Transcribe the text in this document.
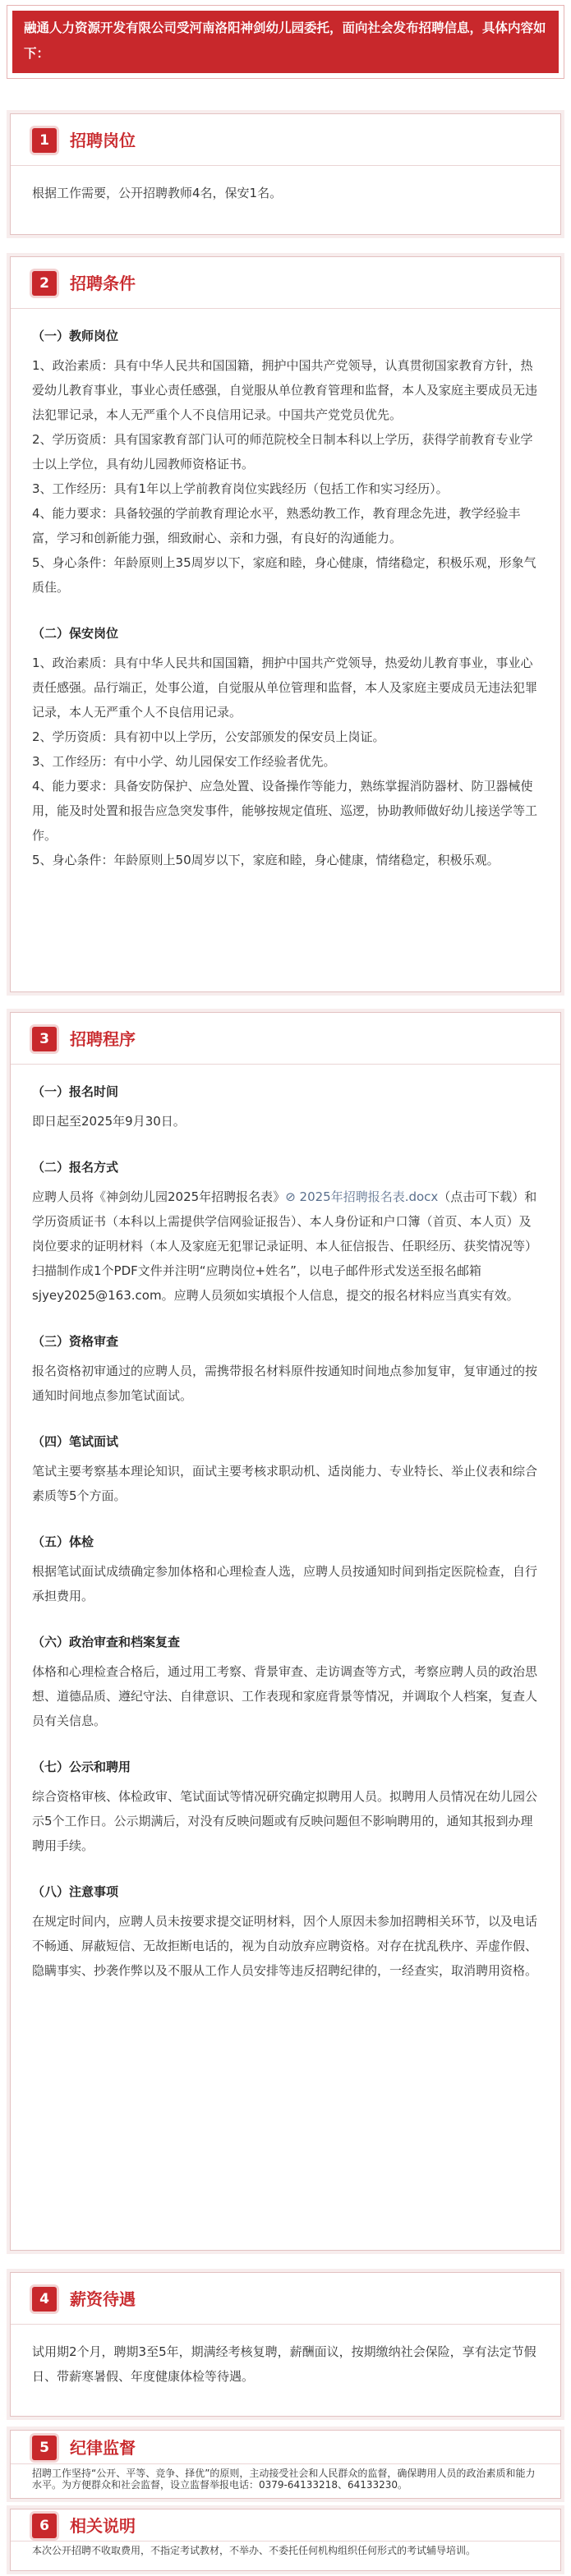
融通人力资源开发有限公司受河南洛阳神剑幼儿园委托，面向社会发布招聘信息，具体内容如下：
1	招聘岗位
根据工作需要，公开招聘教师4名，保安1名。
2	招聘条件
（一）教师岗位
1、政治素质：具有中华人民共和国国籍，拥护中国共产党领导，认真贯彻国家教育方针，热爱幼儿教育事业，事业心责任感强，自觉服从单位教育管理和监督，本人及家庭主要成员无违法犯罪记录，本人无严重个人不良信用记录。中国共产党党员优先。
2、学历资质：具有国家教育部门认可的师范院校全日制本科以上学历，获得学前教育专业学士以上学位，具有幼儿园教师资格证书。
3、工作经历：具有1年以上学前教育岗位实践经历（包括工作和实习经历）。
4、能力要求：具备较强的学前教育理论水平，熟悉幼教工作，教育理念先进，教学经验丰富，学习和创新能力强，细致耐心、亲和力强，有良好的沟通能力。
5、身心条件：年龄原则上35周岁以下，家庭和睦，身心健康，情绪稳定，积极乐观，形象气质佳。
（二）保安岗位
1、政治素质：具有中华人民共和国国籍，拥护中国共产党领导，热爱幼儿教育事业，事业心责任感强。品行端正，处事公道，自觉服从单位管理和监督，本人及家庭主要成员无违法犯罪记录，本人无严重个人不良信用记录。
2、学历资质：具有初中以上学历，公安部颁发的保安员上岗证。
3、工作经历：有中小学、幼儿园保安工作经验者优先。
4、能力要求：具备安防保护、应急处置、设备操作等能力，熟练掌握消防器材、防卫器械使用，能及时处置和报告应急突发事件，能够按规定值班、巡逻，协助教师做好幼儿接送学等工作。
5、身心条件：年龄原则上50周岁以下，家庭和睦，身心健康，情绪稳定，积极乐观。
3	招聘程序
（一）报名时间
即日起至2025年9月30日。
（二）报名方式
应聘人员将《神剑幼儿园2025年招聘报名表》⊘ 2025年招聘报名表.docx（点击可下载）和学历资质证书（本科以上需提供学信网验证报告）、本人身份证和户口簿（首页、本人页）及岗位要求的证明材料（本人及家庭无犯罪记录证明、本人征信报告、任职经历、获奖情况等）扫描制作成1个PDF文件并注明“应聘岗位+姓名”，以电子邮件形式发送至报名邮箱sjyey2025@163.com。应聘人员须如实填报个人信息，提交的报名材料应当真实有效。
（三）资格审查
报名资格初审通过的应聘人员，需携带报名材料原件按通知时间地点参加复审，复审通过的按通知时间地点参加笔试面试。
（四）笔试面试
笔试主要考察基本理论知识，面试主要考核求职动机、适岗能力、专业特长、举止仪表和综合素质等5个方面。
（五）体检
根据笔试面试成绩确定参加体格和心理检查人选，应聘人员按通知时间到指定医院检查，自行承担费用。
（六）政治审查和档案复查
体格和心理检查合格后，通过用工考察、背景审查、走访调查等方式，考察应聘人员的政治思想、道德品质、遵纪守法、自律意识、工作表现和家庭背景等情况，并调取个人档案，复查人员有关信息。
（七）公示和聘用
综合资格审核、体检政审、笔试面试等情况研究确定拟聘用人员。拟聘用人员情况在幼儿园公示5个工作日。公示期满后，对没有反映问题或有反映问题但不影响聘用的，通知其报到办理聘用手续。
（八）注意事项
在规定时间内，应聘人员未按要求提交证明材料，因个人原因未参加招聘相关环节，以及电话不畅通、屏蔽短信、无故拒断电话的，视为自动放弃应聘资格。对存在扰乱秩序、弄虚作假、隐瞒事实、抄袭作弊以及不服从工作人员安排等违反招聘纪律的，一经查实，取消聘用资格。
4	薪资待遇
试用期2个月，聘期3至5年，期满经考核复聘，薪酬面议，按期缴纳社会保险，享有法定节假日、带薪寒暑假、年度健康体检等待遇。
5	纪律监督
招聘工作坚持“公开、平等、竞争、择优”的原则，主动接受社会和人民群众的监督，确保聘用人员的政治素质和能力水平。为方便群众和社会监督，设立监督举报电话：0379-64133218、64133230。
6	相关说明
本次公开招聘不收取费用，不指定考试教材，不举办、不委托任何机构组织任何形式的考试辅导培训。
